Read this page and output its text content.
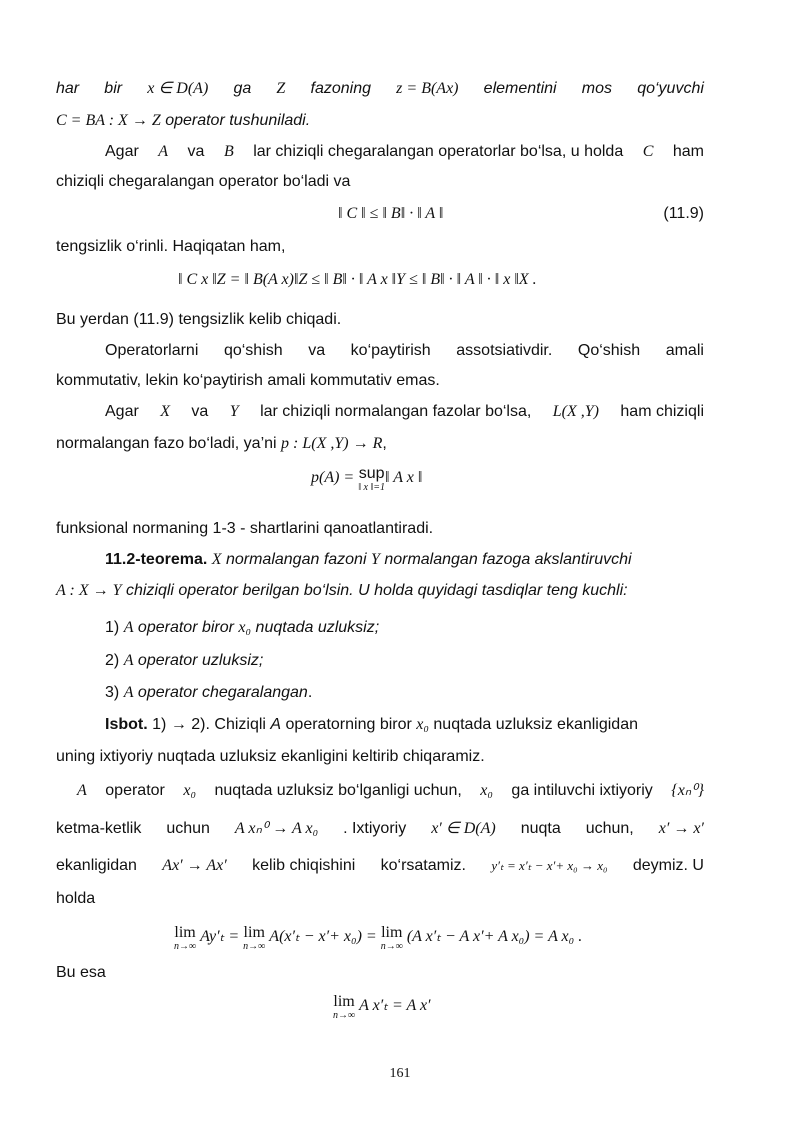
har bir x ∈ D(A) ga Z fazoning z = B(Ax) elementini mos qo‘yuvchi
C = BA : X → Z operator tushuniladi.
Agar A va B lar chiziqli chegaralangan operatorlar bo‘lsa, u holda C ham
chiziqli chegaralangan operator bo‘ladi va
‖ C ‖ ≤ ‖ B‖ · ‖ A ‖	(11.9)
tengsizlik o‘rinli. Haqiqatan ham,
‖ C x ‖Z = ‖ B(A x)‖Z ≤ ‖ B‖ · ‖ A x ‖Y ≤ ‖ B‖ · ‖ A ‖ · ‖ x ‖X .
Bu yerdan (11.9) tengsizlik kelib chiqadi.
Operatorlarni qo‘shish va ko‘paytirish assotsiativdir. Qo‘shish amali
kommutativ, lekin ko‘paytirish amali kommutativ emas.
Agar X va Y lar chiziqli normalangan fazolar bo‘lsa, L(X ,Y) ham chiziqli
normalangan fazo bo‘ladi, ya’ni p : L(X ,Y) → R,
p(A) = sup
‖ x ‖=1
‖ A x ‖
funksional normaning 1-3 - shartlarini qanoatlantiradi.
11.2-teorema. X normalangan fazoni Y normalangan fazoga akslantiruvchi
A : X → Y chiziqli operator berilgan bo‘lsin. U holda quyidagi tasdiqlar teng kuchli:
1) A operator biror x₀ nuqtada uzluksiz;
2) A operator uzluksiz;
3) A operator chegaralangan.
Isbot. 1) → 2). Chiziqli A operatorning biror x₀ nuqtada uzluksiz ekanligidan
uning ixtiyoriy nuqtada uzluksiz ekanligini keltirib chiqaramiz.
A operator x₀ nuqtada uzluksiz bo‘lganligi uchun, x₀ ga intiluvchi ixtiyoriy {xₙ⁰}
ketma-ketlik uchun A xₙ⁰ → A x₀ . Ixtiyoriy x′ ∈ D(A) nuqta uchun, x′ → x′
ekanligidan Ax′ → Ax′ kelib chiqishini ko‘rsatamiz. y′ₜ = x′ₜ − x′+ x₀ → x₀ deymiz. U
holda
lim
n→∞
Ay′ₜ = lim
n→∞
A(x′ₜ − x′+ x₀) = lim
n→∞
(A x′ₜ − A x′+ A x₀) = A x₀ .
Bu esa
lim
n→∞
A x′ₜ = A x′
161
